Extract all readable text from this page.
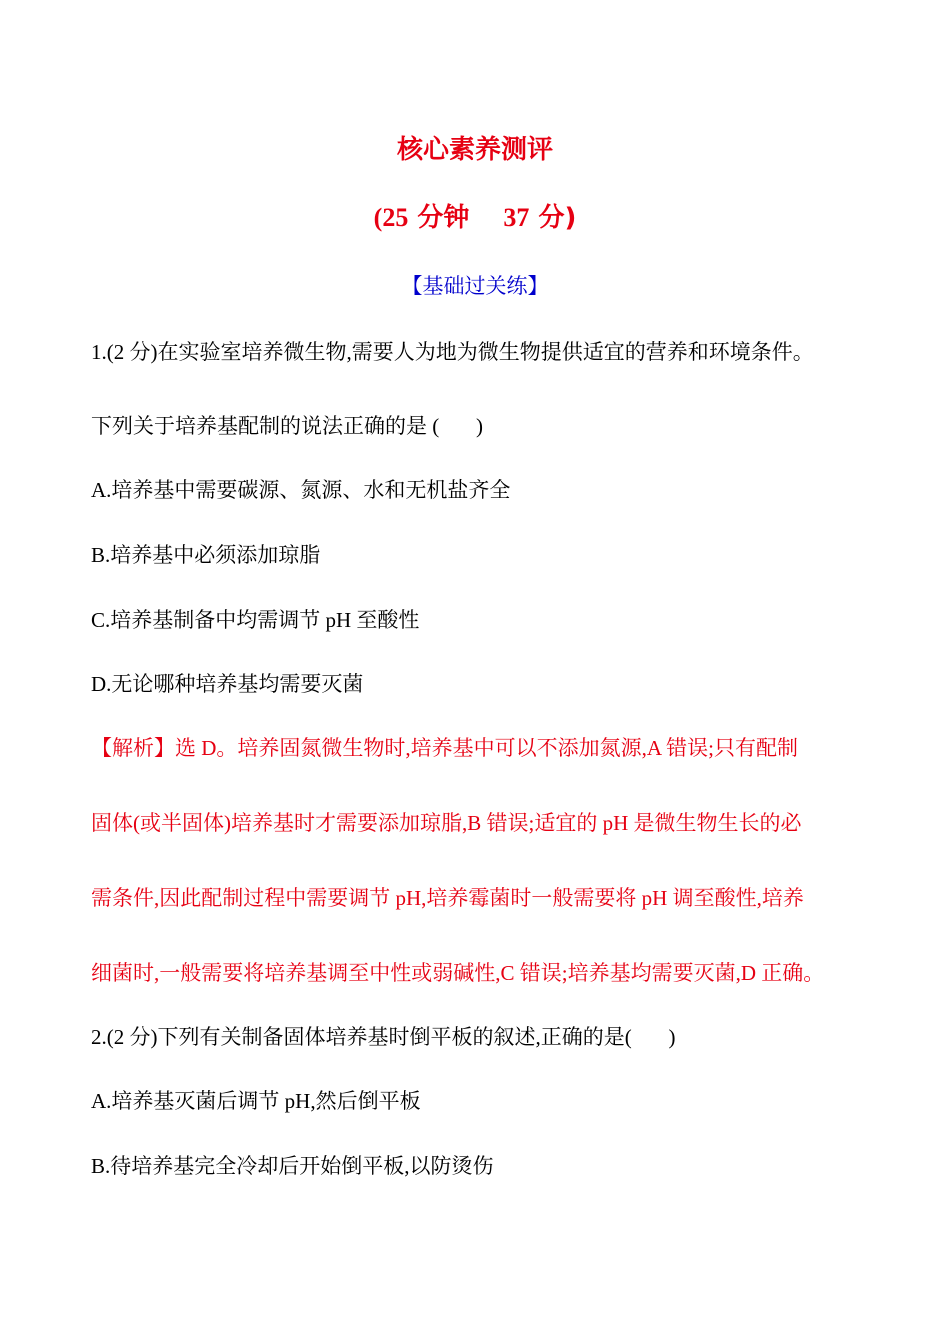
核心素养测评
(25 分钟 37 分)
【基础过关练】
1.(2 分)在实验室培养微生物,需要人为地为微生物提供适宜的营养和环境条件。
下列关于培养基配制的说法正确的是 (       )
A.培养基中需要碳源、氮源、水和无机盐齐全
B.培养基中必须添加琼脂
C.培养基制备中均需调节 pH 至酸性
D.无论哪种培养基均需要灭菌
【解析】选 D。培养固氮微生物时,培养基中可以不添加氮源,A 错误;只有配制
固体(或半固体)培养基时才需要添加琼脂,B 错误;适宜的 pH 是微生物生长的必
需条件,因此配制过程中需要调节 pH,培养霉菌时一般需要将 pH 调至酸性,培养
细菌时,一般需要将培养基调至中性或弱碱性,C 错误;培养基均需要灭菌,D 正确。
2.(2 分)下列有关制备固体培养基时倒平板的叙述,正确的是(       )
A.培养基灭菌后调节 pH,然后倒平板
B.待培养基完全冷却后开始倒平板,以防烫伤
